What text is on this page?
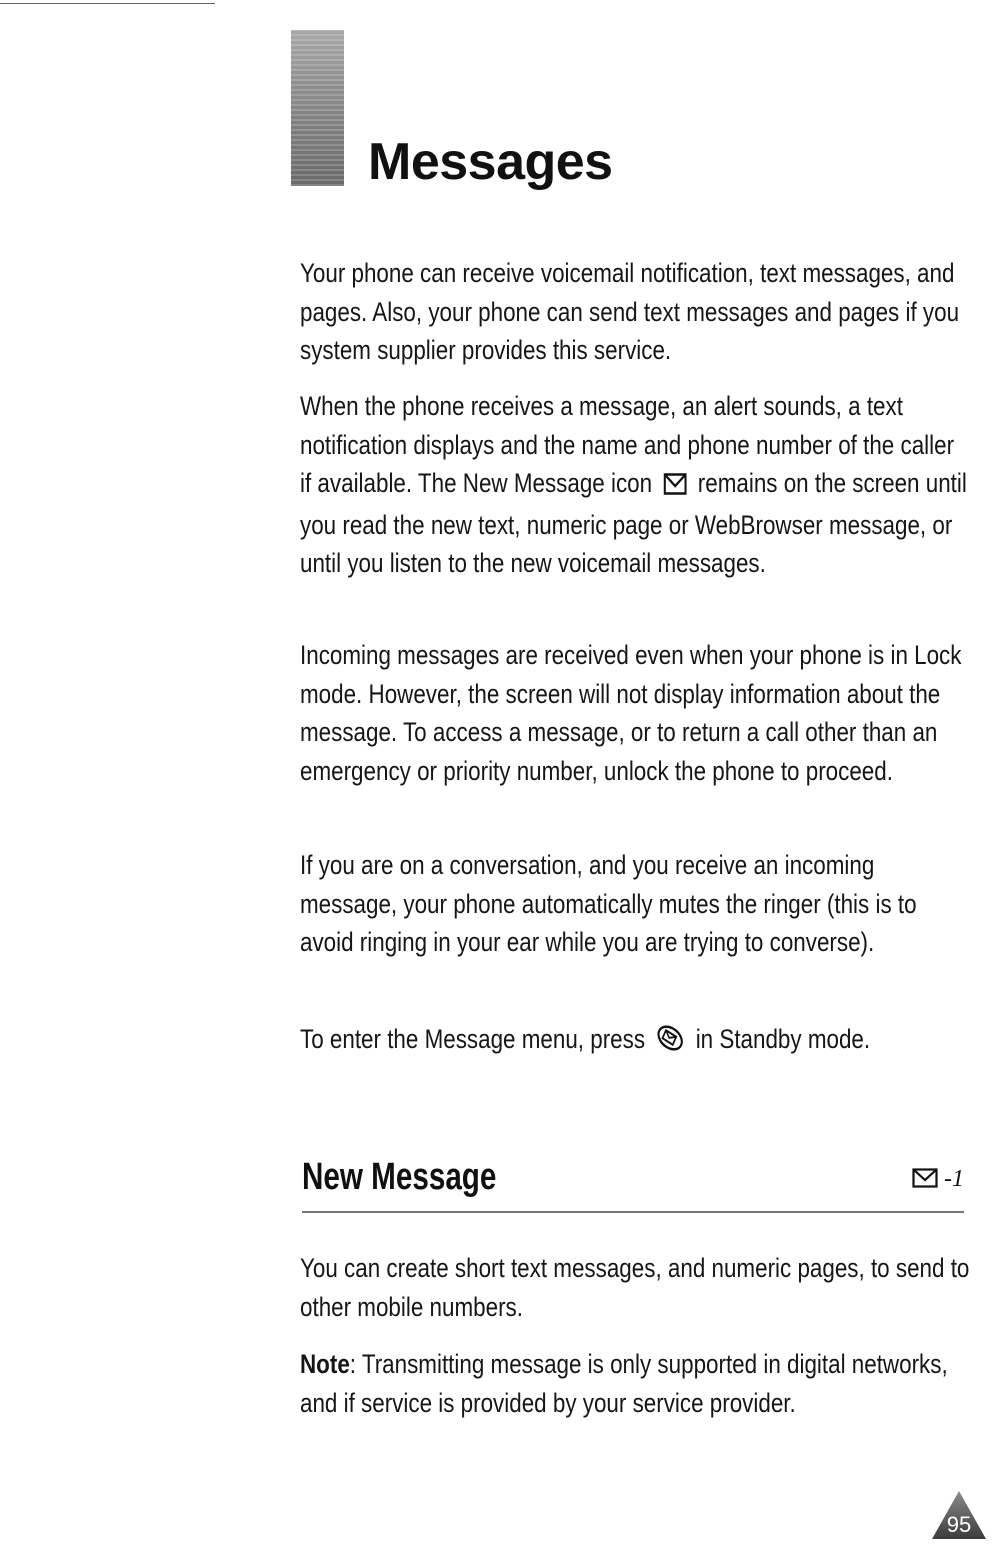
Messages

Your phone can receive voicemail notification, text messages, and pages. Also, your phone can send text messages and pages if you system supplier provides this service.

When the phone receives a message, an alert sounds, a text notification displays and the name and phone number of the caller if available. The New Message icon remains on the screen until you read the new text, numeric page or WebBrowser message, or until you listen to the new voicemail messages.

Incoming messages are received even when your phone is in Lock mode. However, the screen will not display information about the message. To access a message, or to return a call other than an emergency or priority number, unlock the phone to proceed.

If you are on a conversation, and you receive an incoming message, your phone automatically mutes the ringer (this is to avoid ringing in your ear while you are trying to converse).

To enter the Message menu, press in Standby mode.

New Message	-1

You can create short text messages, and numeric pages, to send to other mobile numbers.

Note: Transmitting message is only supported in digital networks, and if service is provided by your service provider.

95
